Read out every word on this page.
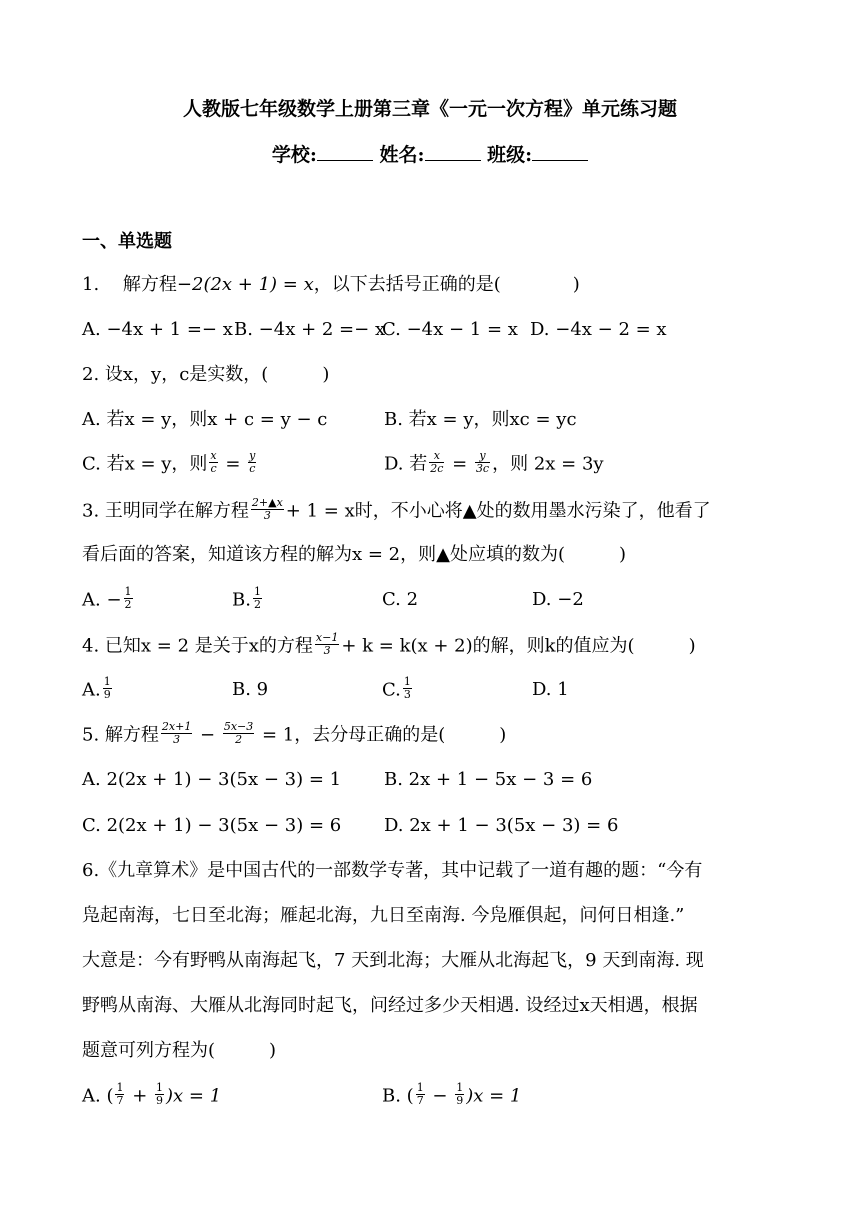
人教版七年级数学上册第三章《一元一次方程》单元练习题
学校:	姓名:	班级:
一、单选题
1.　 解方程−2(2x + 1) = x，以下去括号正确的是(　　　　)
A. −4x + 1 =− x B. −4x + 2 =− x
C. −4x − 1 = x D. −4x − 2 = x
2. 设x，y，c是实数，(　　　)
A. 若x = y，则x + c = y − c	B. 若x = y，则xc = yc
C. 若x = y，则 $\frac{x}{c} = \frac{y}{c}$	D. 若 $\frac{x}{2c} = \frac{y}{3c}$ ，则 2x = 3y
3. 王明同学在解方程 $\frac{2+▲x}{3} + 1 = x$时，不小心将▲处的数用墨水污染了，他看了
看后面的答案，知道该方程的解为x = 2，则▲处应填的数为(　　　)
A. − $\frac{1}{2}$	B. $\frac{1}{2}$	C. 2	D. −2
4. 已知x = 2 是关于x的方程 $\frac{x-1}{3} + k = k(x + 2)$的解，则k的值应为(　　　)
A. $\frac{1}{9}$	B. 9	C. $\frac{1}{3}$	D. 1
5. 解方程 $\frac{2x+1}{3} - \frac{5x-3}{2} = 1$，去分母正确的是(　　　)
A. 2(2x + 1) − 3(5x − 3) = 1 B. 2x + 1 − 5x − 3 = 6
C. 2(2x + 1) − 3(5x − 3) = 6 D. 2x + 1 − 3(5x − 3) = 6
6.《九章算术》是中国古代的一部数学专著，其中记载了一道有趣的题：“今有
凫起南海，七日至北海；雁起北海，九日至南海. 今凫雁俱起，问何日相逢.”
大意是：今有野鸭从南海起飞，7 天到北海；大雁从北海起飞，9 天到南海. 现
野鸭从南海、大雁从北海同时起飞，问经过多少天相遇. 设经过x天相遇，根据
题意可列方程为(　　　)
A. ( $\frac{1}{7} + \frac{1}{9} )x = 1$	B. ( $\frac{1}{7} - \frac{1}{9} )x = 1$
